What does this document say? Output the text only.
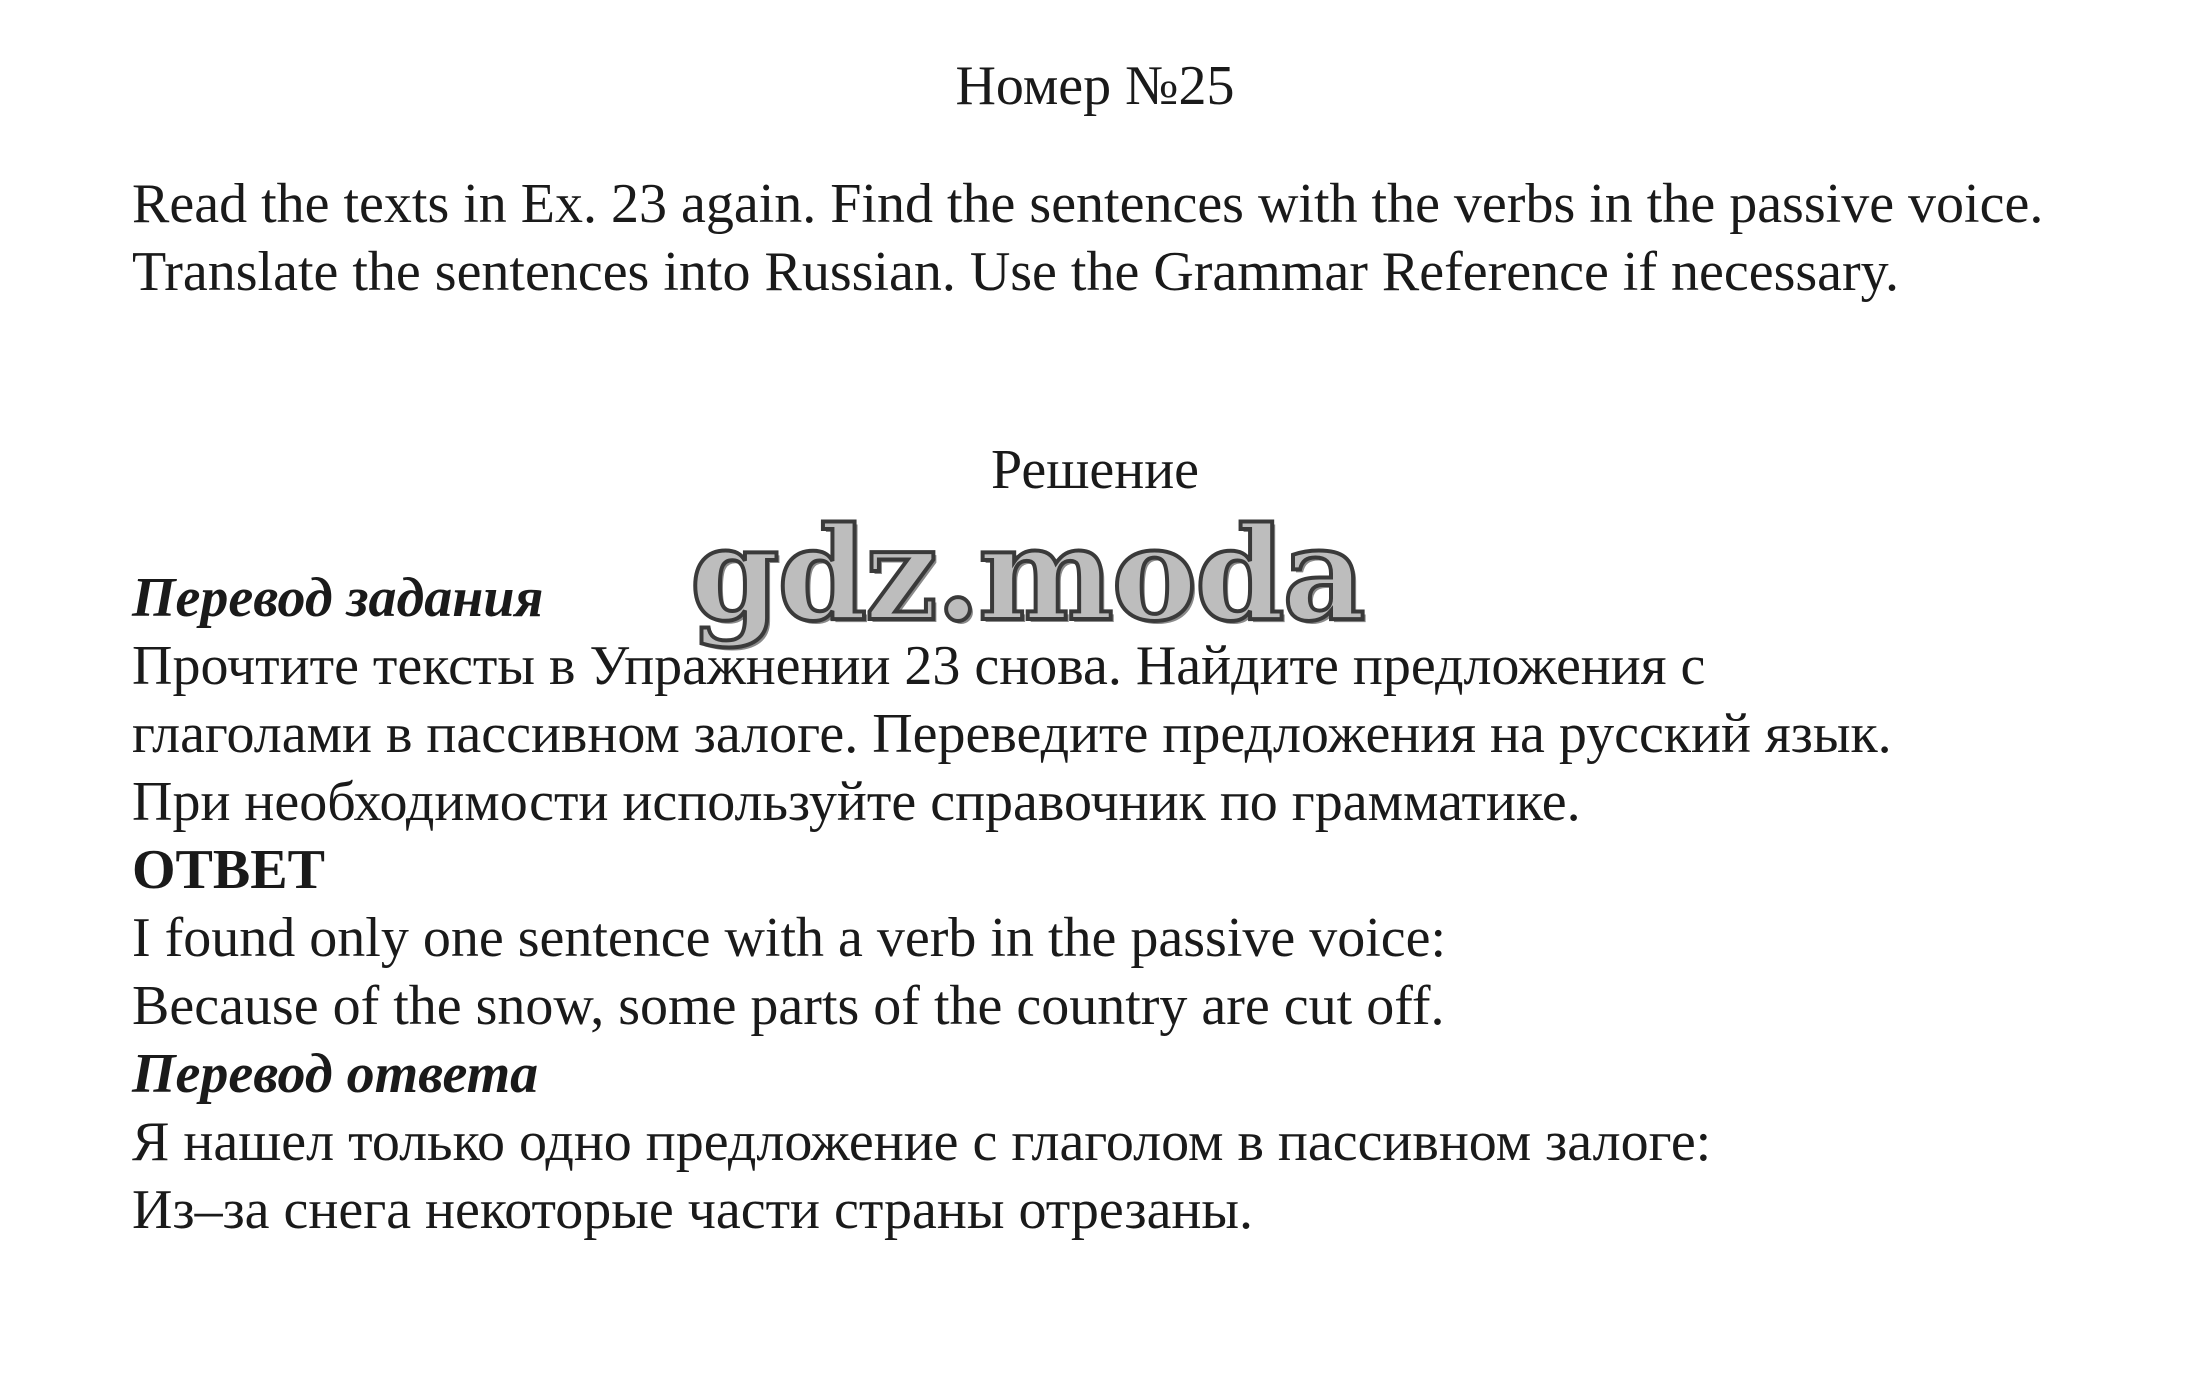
Номер №25
Read the texts in Ex. 23 again. Find the sentences with the verbs in the passive voice. Translate the sentences into Russian. Use the Grammar Reference if necessary.
Решение
gdz.moda
Перевод задания
Прочтите тексты в Упражнении 23 снова. Найдите предложения с
глаголами в пассивном залоге. Переведите предложения на русский язык.
При необходимости используйте справочник по грамматике.
ОТВЕТ
I found only one sentence with a verb in the passive voice:
Because of the snow, some parts of the country are cut off.
Перевод ответа
Я нашел только одно предложение с глаголом в пассивном залоге:
Из–за снега некоторые части страны отрезаны.
